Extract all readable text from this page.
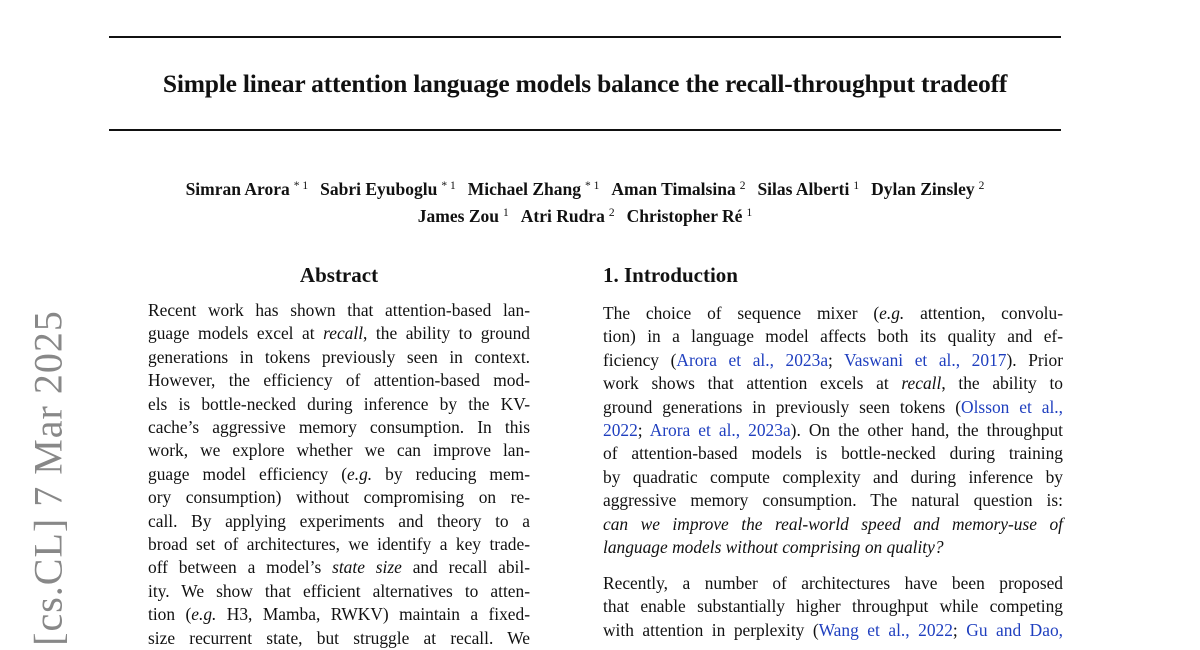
Simple linear attention language models balance the recall-throughput tradeoff
Simran Arora $^{* 1}$ Sabri Eyuboglu $^{* 1}$ Michael Zhang $^{* 1}$ Aman Timalsina $^2$ Silas Alberti $^1$ Dylan Zinsley $^2$
James Zou $^1$ Atri Rudra $^2$ Christopher Ré $^1$
[cs.CL] 7 Mar 2025
Abstract
Recent work has shown that attention-based lan-
guage models excel at recall, the ability to ground
generations in tokens previously seen in context.
However, the efficiency of attention-based mod-
els is bottle-necked during inference by the KV-
cache’s aggressive memory consumption. In this
work, we explore whether we can improve lan-
guage model efficiency (e.g. by reducing mem-
ory consumption) without compromising on re-
call. By applying experiments and theory to a
broad set of architectures, we identify a key trade-
off between a model’s state size and recall abil-
ity. We show that efficient alternatives to atten-
tion (e.g. H3, Mamba, RWKV) maintain a fixed-
size recurrent state, but struggle at recall. We
1. Introduction
The choice of sequence mixer (e.g. attention, convolu-
tion) in a language model affects both its quality and ef-
ficiency (Arora et al., 2023a; Vaswani et al., 2017). Prior
work shows that attention excels at recall, the ability to
ground generations in previously seen tokens (Olsson et al.,
2022; Arora et al., 2023a). On the other hand, the throughput
of attention-based models is bottle-necked during training
by quadratic compute complexity and during inference by
aggressive memory consumption. The natural question is:
can we improve the real-world speed and memory-use of
language models without comprising on quality?
Recently, a number of architectures have been proposed
that enable substantially higher throughput while competing
with attention in perplexity (Wang et al., 2022; Gu and Dao,
